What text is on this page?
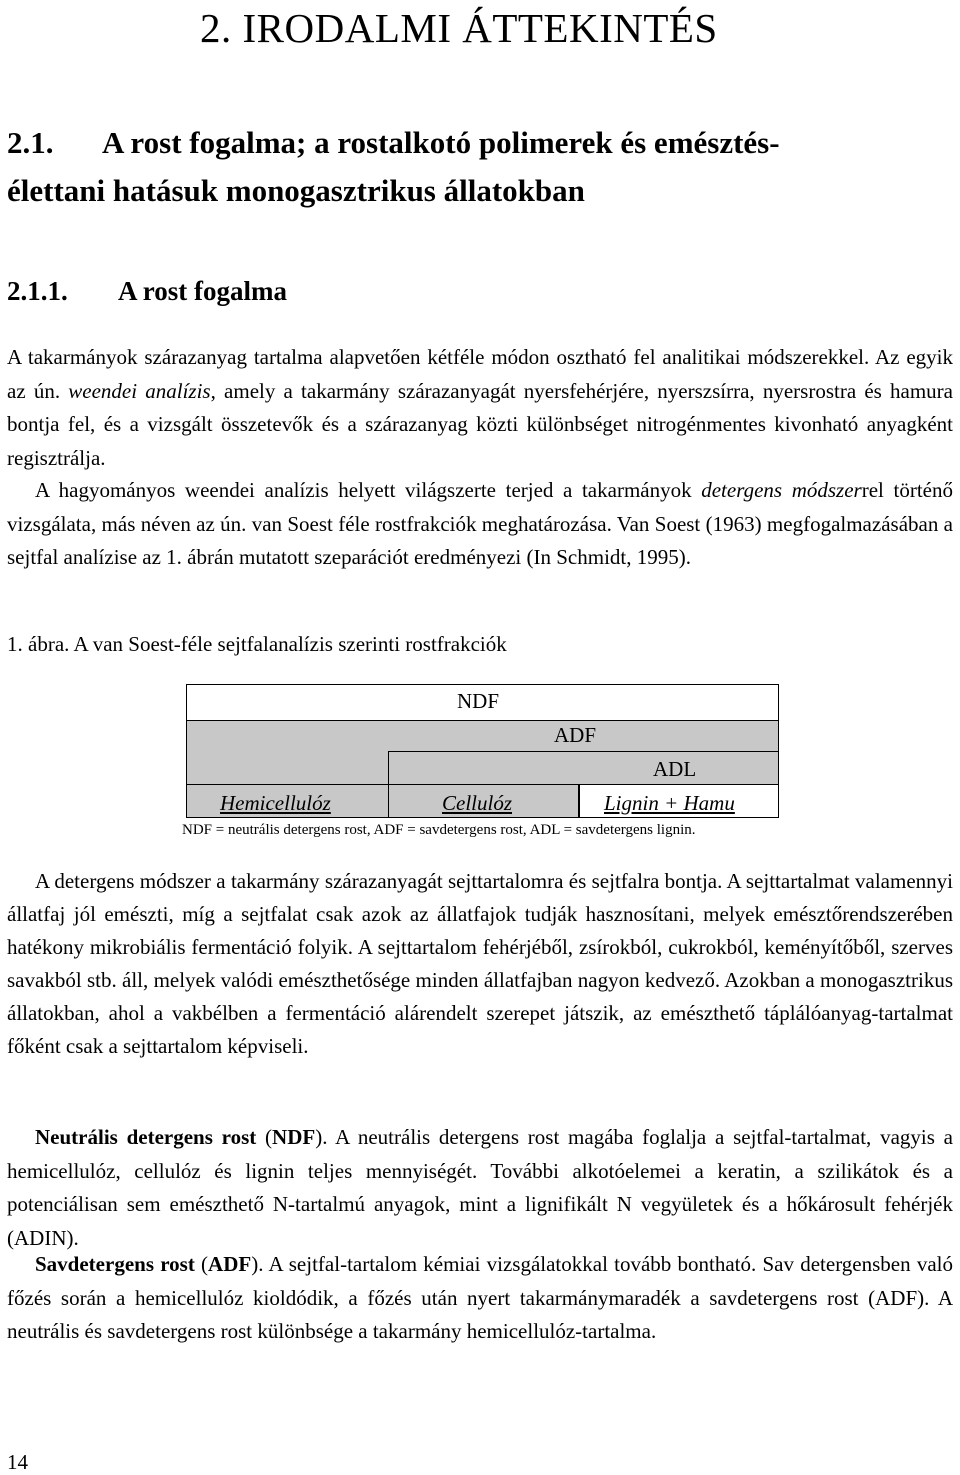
2. IRODALMI ÁTTEKINTÉS
2.1. A rost fogalma; a rostalkotó polimerek és emésztés-
élettani hatásuk monogasztrikus állatokban
2.1.1. A rost fogalma

A takarmányok szárazanyag tartalma alapvetően kétféle módon osztható fel analitikai módszerekkel. Az egyik az ún. weendei analízis, amely a takarmány szárazanyagát nyersfehérjére, nyerszsírra, nyersrostra és hamura bontja fel, és a vizsgált összetevők és a szárazanyag közti különbséget nitrogénmentes kivonható anyagként regisztrálja.

A hagyományos weendei analízis helyett világszerte terjed a takarmányok detergens módszerrel történő vizsgálata, más néven az ún. van Soest féle rostfrakciók meghatározása. Van Soest (1963) megfogalmazásában a sejtfal analízise az 1. ábrán mutatott szeparációt eredményezi (In Schmidt, 1995).

1. ábra. A van Soest-féle sejtfalanalízis szerinti rostfrakciók
NDF
ADF
ADL
Hemicellulóz	Cellulóz	Lignin + Hamu
NDF = neutrális detergens rost, ADF = savdetergens rost, ADL = savdetergens lignin.

A detergens módszer a takarmány szárazanyagát sejttartalomra és sejtfalra bontja. A sejttartalmat valamennyi állatfaj jól emészti, míg a sejtfalat csak azok az állatfajok tudják hasznosítani, melyek emésztőrendszerében hatékony mikrobiális fermentáció folyik. A sejttartalom fehérjéből, zsírokból, cukrokból, keményítőből, szerves savakból stb. áll, melyek valódi emészthetősége minden állatfajban nagyon kedvező. Azokban a monogasztrikus állatokban, ahol a vakbélben a fermentáció alárendelt szerepet játszik, az emészthető táplálóanyag-tartalmat főként csak a sejttartalom képviseli.

Neutrális detergens rost (NDF). A neutrális detergens rost magába foglalja a sejtfal-tartalmat, vagyis a hemicellulóz, cellulóz és lignin teljes mennyiségét. További alkotóelemei a keratin, a szilikátok és a potenciálisan sem emészthető N-tartalmú anyagok, mint a lignifikált N vegyületek és a hőkárosult fehérjék (ADIN).

Savdetergens rost (ADF). A sejtfal-tartalom kémiai vizsgálatokkal tovább bontható. Sav detergensben való főzés során a hemicellulóz kioldódik, a főzés után nyert takarmánymaradék a savdetergens rost (ADF). A neutrális és savdetergens rost különbsége a takarmány hemicellulóz-tartalma.

14
